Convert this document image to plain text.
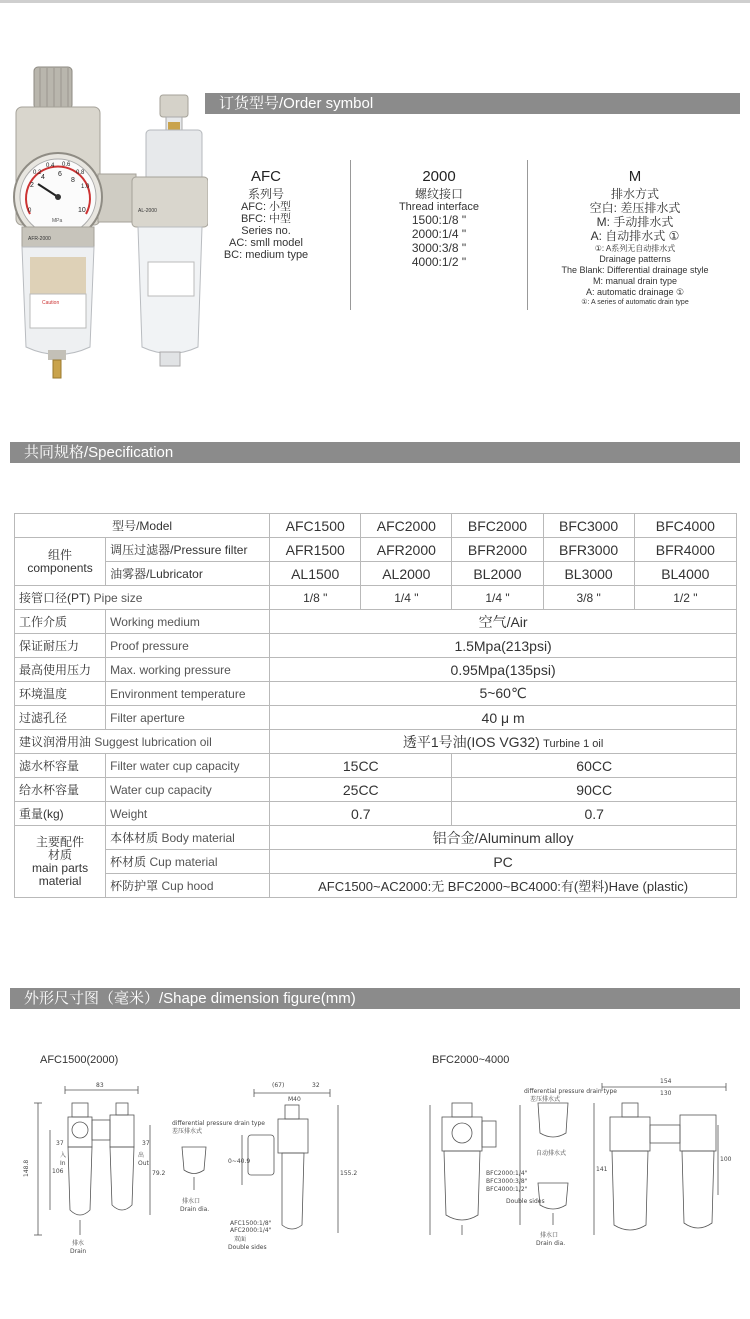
订货型号/Order symbol
0.2
0.4 0.6
0.8
1.0
0
2
4 6
8
10
MPa
AFR-2000
Caution
AL-2000
AFC
系列号
AFC: 小型
BFC: 中型
Series no.
AC: smll model
BC: medium type
2000
螺纹接口
Thread interface
1500:1/8 "
2000:1/4 "
3000:3/8 "
4000:1/2 "
M
排水方式
空白: 差压排水式
M: 手动排水式
A: 自动排水式 ①
①: A系列无自动排水式
Drainage patterns
The Blank: Differential drainage style
M: manual drain type
A: automatic drainage ①
①: A series of automatic drain type
共同规格/Specification
型号/Model		AFC1500	AFC2000	BFC2000	BFC3000	BFC4000

组件
components	调压过滤器/Pressure filter	AFR1500	AFR2000	BFR2000	BFR3000	BFR4000
	油雾器/Lubricator	AL1500	AL2000	BL2000	BL3000	BL4000
接管口径(PT) Pipe size		1/8 "	1/4 "	1/4 "	3/8 "	1/2 "
工作介质	Working medium	空气/Air				
保证耐压力	Proof pressure	1.5Mpa(213psi)				
最高使用压力	Max. working pressure	0.95Mpa(135psi)				
环境温度	Environment temperature	5~60℃				
过滤孔径	Filter aperture	40 μ m				
建议润滑用油 Suggest lubrication oil		透平1号油(IOS VG32) Turbine 1 oil				
滤水杯容量	Filter water cup capacity	15CC		60CC		
给水杯容量	Water cup capacity	25CC		90CC		
重量(kg)	Weight	0.7		0.7		

主要配件
材质
main parts
material	本体材质 Body material	铝合金/Aluminum alloy				
	杯材质 Cup material	PC				
	杯防护罩 Cup hood	AFC1500~AC2000:无 BFC2000~BC4000:有(塑料)Have (plastic)				
外形尺寸图（毫米）/Shape dimension figure(mm)
AFC1500(2000)	BFC2000~4000
83
37	37
148.8	106	79.2
入
In
出
Out
排水
Drain
differential pressure drain type
差压排水式
排水口
Drain dia.
(67)	32
M40
155.2
0~40.9
AFC1500:1/8"
AFC2000:1/4"
双面
Double sides
154
130
141
100
differential pressure drain type
差压排水式
自动排水式
排水口
Drain dia.
BFC2000:1/4"
BFC3000:3/8"
BFC4000:1/2"
Double sides
